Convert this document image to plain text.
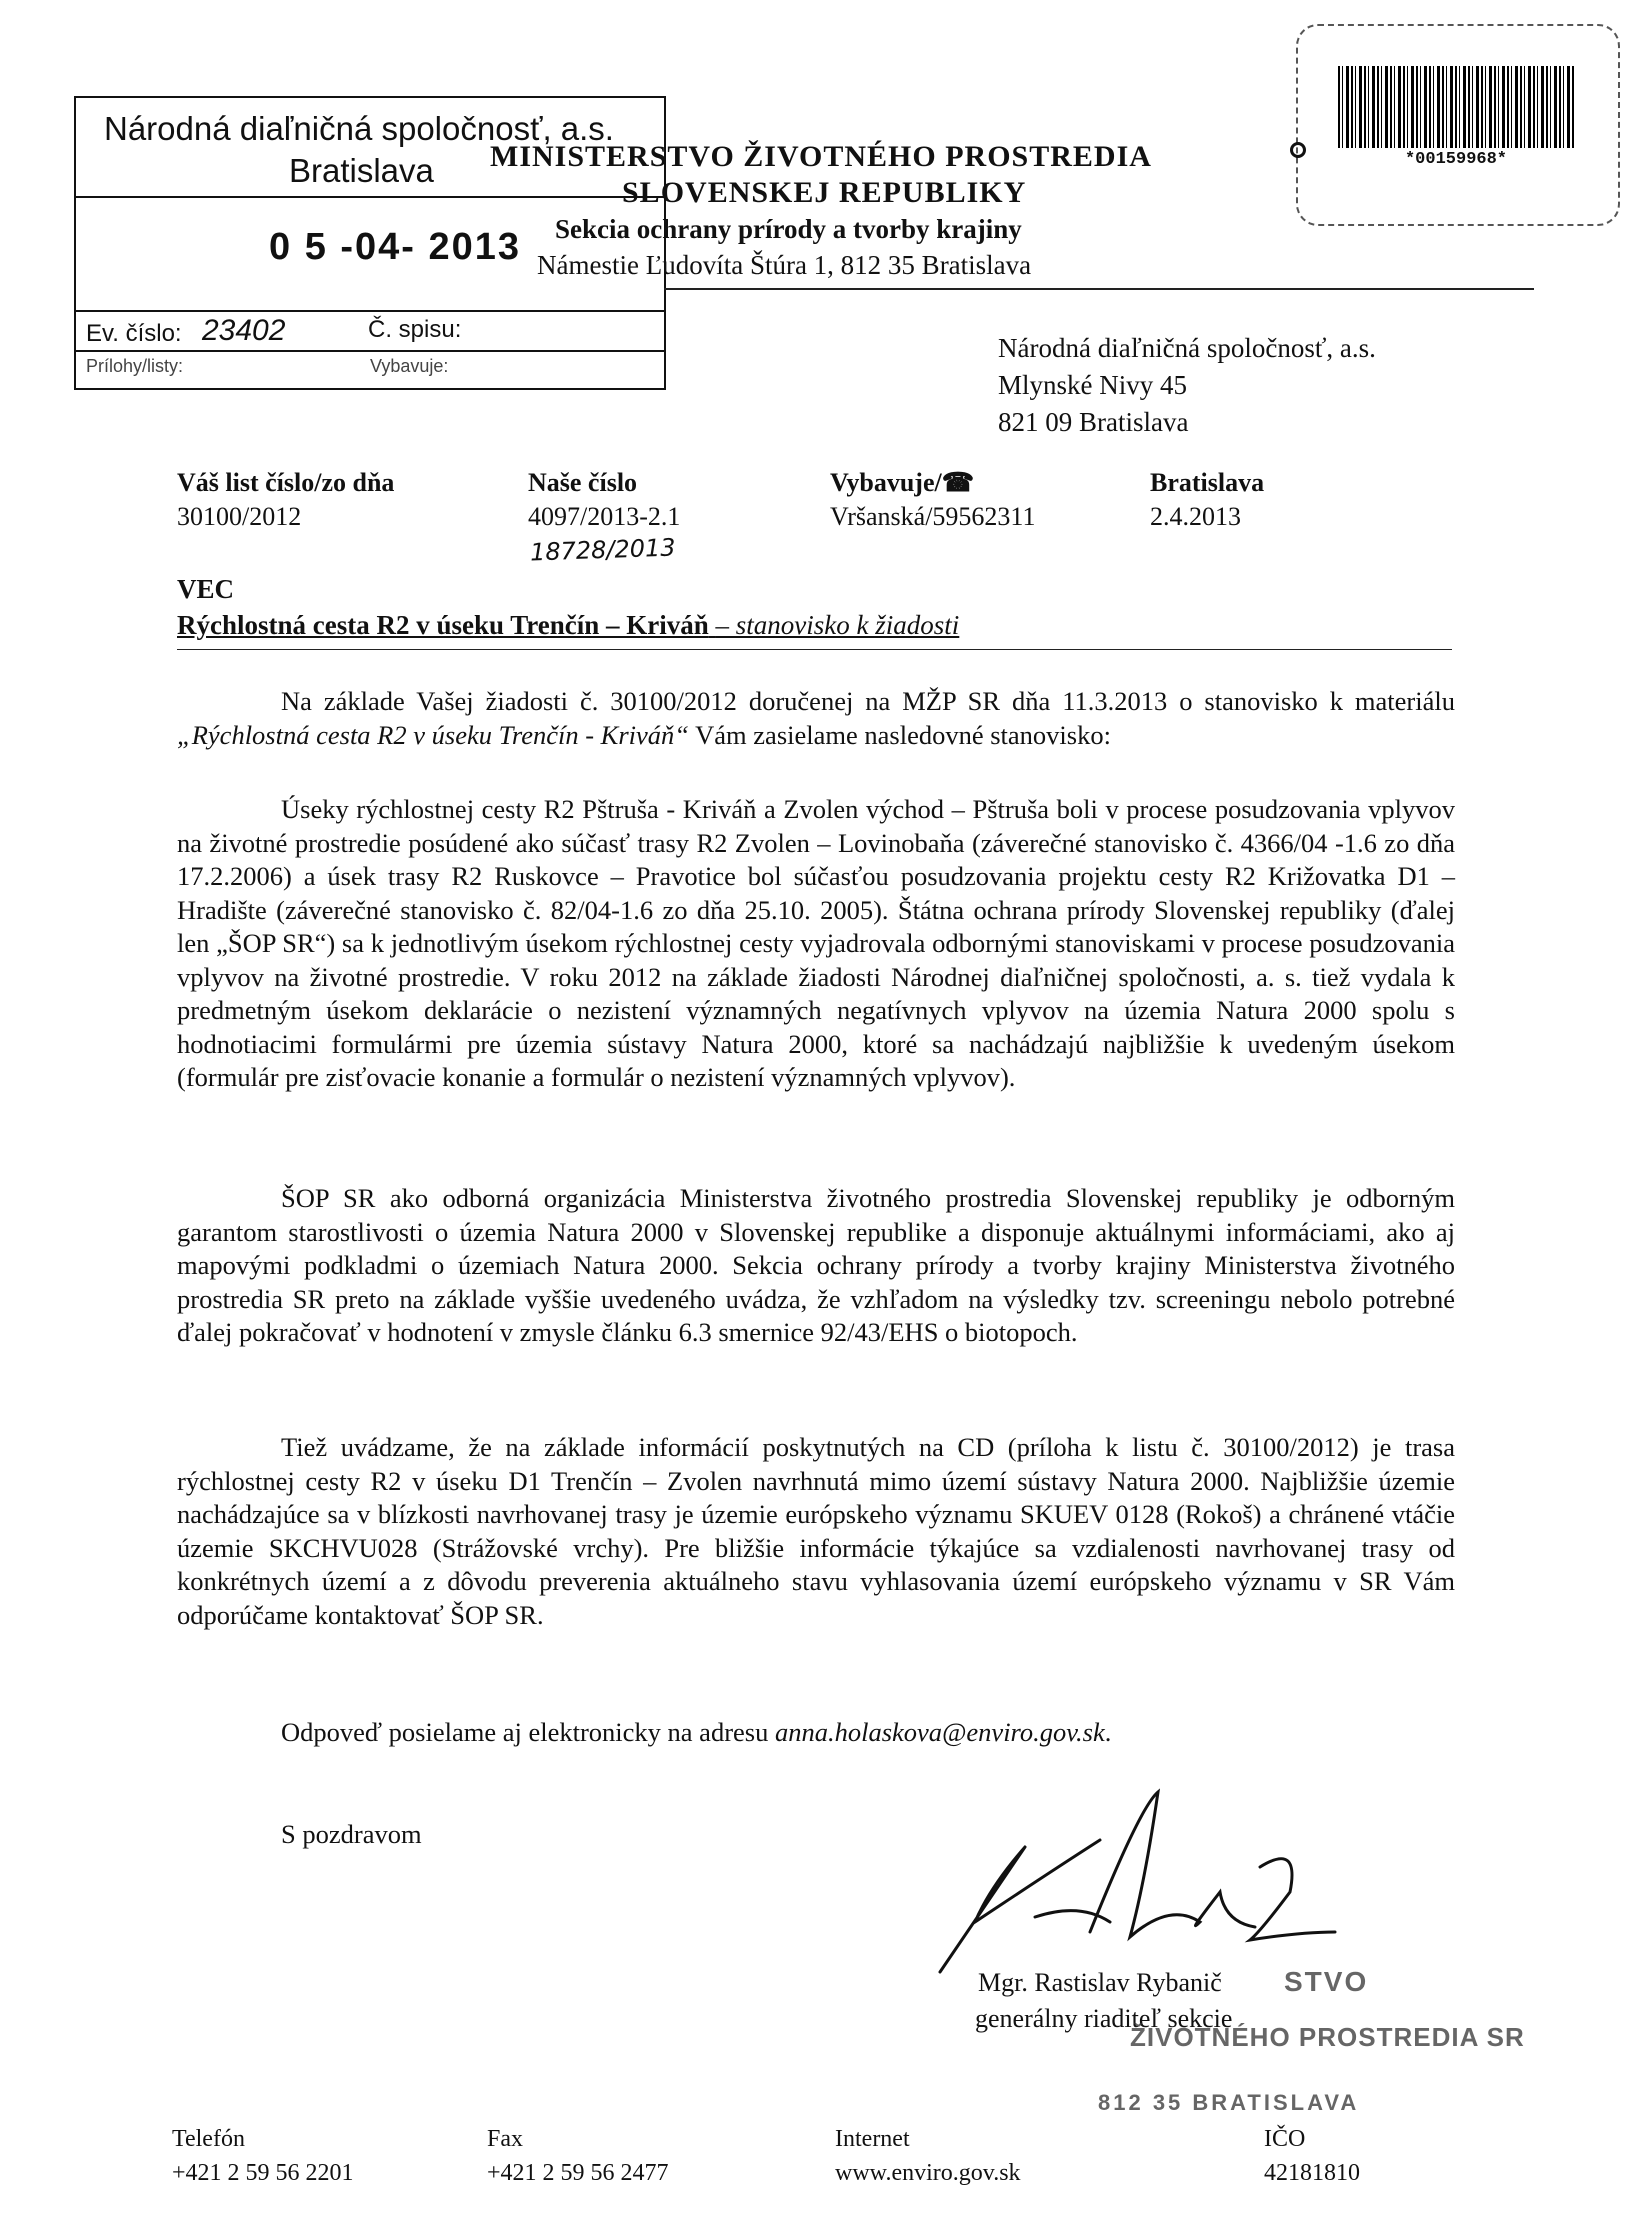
Národná diaľničná spoločnosť, a.s.
Bratislava
0 5 -04- 2013
Ev. číslo: 23402	Č. spisu:
Prílohy/listy:	Vybavuje:
MINISTERSTVO ŽIVOTNÉHO PROSTREDIA
SLOVENSKEJ REPUBLIKY
Sekcia ochrany prírody a tvorby krajiny
Námestie Ľudovíta Štúra 1, 812 35 Bratislava
*00159968*
Národná diaľničná spoločnosť, a.s.
Mlynské Nivy 45
821 09 Bratislava
Váš list číslo/zo dňa
30100/2012
Naše číslo
4097/2013-2.1
18728/2013
Vybavuje/☎
Vršanská/59562311
Bratislava
2.4.2013
VEC
Rýchlostná cesta R2 v úseku Trenčín – Kriváň – stanovisko k žiadosti
Na základe Vašej žiadosti č. 30100/2012 doručenej na MŽP SR dňa 11.3.2013 o stanovisko k materiálu „Rýchlostná cesta R2 v úseku Trenčín - Kriváň“ Vám zasielame nasledovné stanovisko:
Úseky rýchlostnej cesty R2 Pštruša - Kriváň a Zvolen východ – Pštruša boli v procese posudzovania vplyvov na životné prostredie posúdené ako súčasť trasy R2 Zvolen – Lovinobaňa (záverečné stanovisko č. 4366/04 -1.6 zo dňa 17.2.2006) a úsek trasy R2 Ruskovce – Pravotice bol súčasťou posudzovania projektu cesty R2 Križovatka D1 – Hradište (záverečné stanovisko č. 82/04-1.6 zo dňa 25.10. 2005). Štátna ochrana prírody Slovenskej republiky (ďalej len „ŠOP SR“) sa k jednotlivým úsekom rýchlostnej cesty vyjadrovala odbornými stanoviskami v procese posudzovania vplyvov na životné prostredie. V roku 2012 na základe žiadosti Národnej diaľničnej spoločnosti, a. s. tiež vydala k predmetným úsekom deklarácie o nezistení významných negatívnych vplyvov na územia Natura 2000 spolu s hodnotiacimi formulármi pre územia sústavy Natura 2000, ktoré sa nachádzajú najbližšie k uvedeným úsekom (formulár pre zisťovacie konanie a formulár o nezistení významných vplyvov).
ŠOP SR ako odborná organizácia Ministerstva životného prostredia Slovenskej republiky je odborným garantom starostlivosti o územia Natura 2000 v Slovenskej republike a disponuje aktuálnymi informáciami, ako aj mapovými podkladmi o územiach Natura 2000. Sekcia ochrany prírody a tvorby krajiny Ministerstva životného prostredia SR preto na základe vyššie uvedeného uvádza, že vzhľadom na výsledky tzv. screeningu nebolo potrebné ďalej pokračovať v hodnotení v zmysle článku 6.3 smernice 92/43/EHS o biotopoch.
Tiež uvádzame, že na základe informácií poskytnutých na CD (príloha k listu č. 30100/2012) je trasa rýchlostnej cesty R2 v úseku D1 Trenčín – Zvolen navrhnutá mimo území sústavy Natura 2000. Najbližšie územie nachádzajúce sa v blízkosti navrhovanej trasy je územie európskeho významu SKUEV 0128 (Rokoš) a chránené vtáčie územie SKCHVU028 (Strážovské vrchy). Pre bližšie informácie týkajúce sa vzdialenosti navrhovanej trasy od konkrétnych území a z dôvodu preverenia aktuálneho stavu vyhlasovania území európskeho významu v SR Vám odporúčame kontaktovať ŠOP SR.
Odpoveď posielame aj elektronicky na adresu anna.holaskova@enviro.gov.sk.
S pozdravom
Mgr. Rastislav Rybanič
generálny riaditeľ sekcie
STVO
ŽIVOTNÉHO PROSTREDIA SR
812 35 BRATISLAVA
Telefón
+421 2 59 56 2201
Fax
+421 2 59 56 2477
Internet
www.enviro.gov.sk
IČO
42181810
